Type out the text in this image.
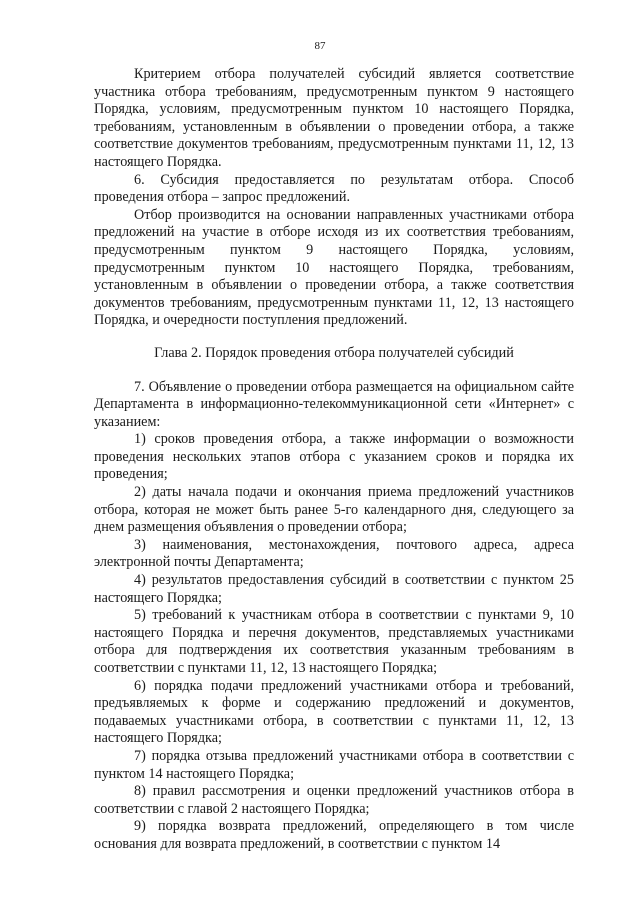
87

Критерием отбора получателей субсидий является соответствие участника отбора требованиям, предусмотренным пунктом 9 настоящего Порядка, условиям, предусмотренным пунктом 10 настоящего Порядка, требованиям, установленным в объявлении о проведении отбора, а также соответствие документов требованиям, предусмотренным пунктами 11, 12, 13 настоящего Порядка.

6. Субсидия предоставляется по результатам отбора. Способ проведения отбора – запрос предложений.

Отбор производится на основании направленных участниками отбора предложений на участие в отборе исходя из их соответствия требованиям, предусмотренным пунктом 9 настоящего Порядка, условиям, предусмотренным пунктом 10 настоящего Порядка, требованиям, установленным в объявлении о проведении отбора, а также соответствия документов требованиям, предусмотренным пунктами 11, 12, 13 настоящего Порядка, и очередности поступления предложений.

Глава 2. Порядок проведения отбора получателей субсидий

7. Объявление о проведении отбора размещается на официальном сайте Департамента в информационно-телекоммуникационной сети «Интернет» с указанием:

1) сроков проведения отбора, а также информации о возможности проведения нескольких этапов отбора с указанием сроков и порядка их проведения;

2) даты начала подачи и окончания приема предложений участников отбора, которая не может быть ранее 5-го календарного дня, следующего за днем размещения объявления о проведении отбора;

3) наименования, местонахождения, почтового адреса, адреса электронной почты Департамента;

4) результатов предоставления субсидий в соответствии с пунктом 25 настоящего Порядка;

5) требований к участникам отбора в соответствии с пунктами 9, 10 настоящего Порядка и перечня документов, представляемых участниками отбора для подтверждения их соответствия указанным требованиям в соответствии с пунктами 11, 12, 13 настоящего Порядка;

6) порядка подачи предложений участниками отбора и требований, предъявляемых к форме и содержанию предложений и документов, подаваемых участниками отбора, в соответствии с пунктами 11, 12, 13 настоящего Порядка;

7) порядка отзыва предложений участниками отбора в соответствии с пунктом 14 настоящего Порядка;

8) правил рассмотрения и оценки предложений участников отбора в соответствии с главой 2 настоящего Порядка;

9) порядка возврата предложений, определяющего в том числе основания для возврата предложений, в соответствии с пунктом 14
